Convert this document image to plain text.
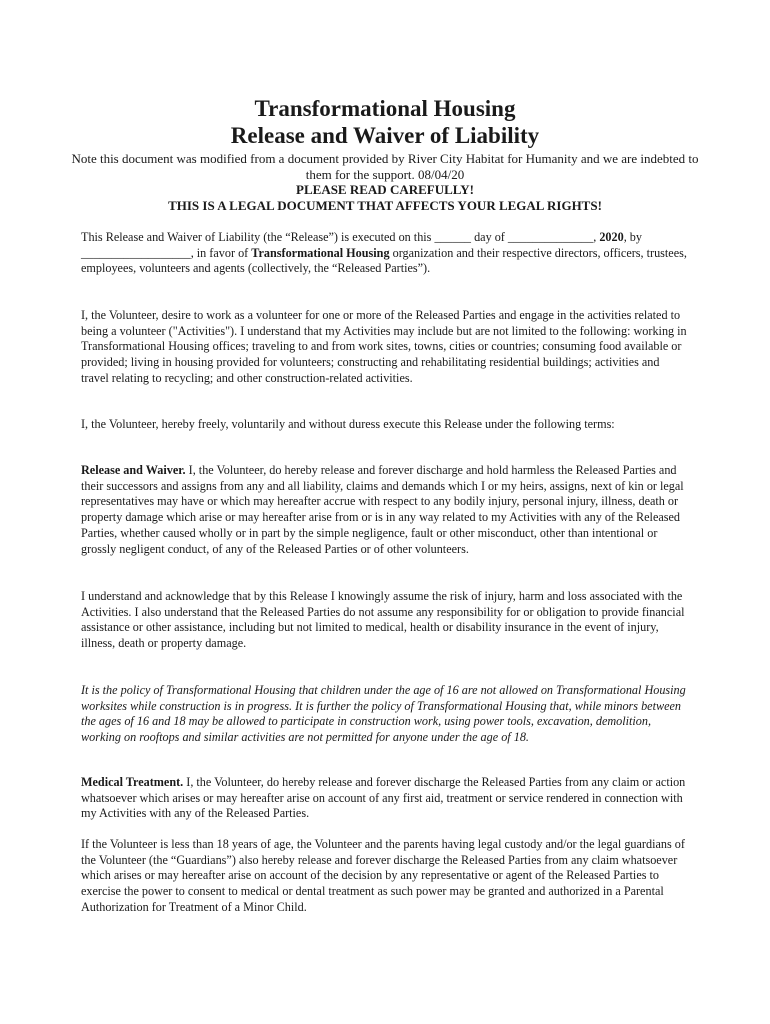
Transformational Housing
Release and Waiver of Liability

Note this document was modified from a document provided by River City Habitat for Humanity and we are indebted to them for the support. 08/04/20

PLEASE READ CAREFULLY!

THIS IS A LEGAL DOCUMENT THAT AFFECTS YOUR LEGAL RIGHTS!

This Release and Waiver of Liability (the “Release”) is executed on this ______ day of ______________, 2020, by __________________, in favor of Transformational Housing organization and their respective directors, officers, trustees, employees, volunteers and agents (collectively, the “Released Parties”).

I, the Volunteer, desire to work as a volunteer for one or more of the Released Parties and engage in the activities related to being a volunteer ("Activities"). I understand that my Activities may include but are not limited to the following: working in Transformational Housing offices; traveling to and from work sites, towns, cities or countries; consuming food available or provided; living in housing provided for volunteers; constructing and rehabilitating residential buildings; activities and travel relating to recycling; and other construction-related activities.

I, the Volunteer, hereby freely, voluntarily and without duress execute this Release under the following terms:

Release and Waiver. I, the Volunteer, do hereby release and forever discharge and hold harmless the Released Parties and their successors and assigns from any and all liability, claims and demands which I or my heirs, assigns, next of kin or legal representatives may have or which may hereafter accrue with respect to any bodily injury, personal injury, illness, death or property damage which arise or may hereafter arise from or is in any way related to my Activities with any of the Released Parties, whether caused wholly or in part by the simple negligence, fault or other misconduct, other than intentional or grossly negligent conduct, of any of the Released Parties or of other volunteers.

I understand and acknowledge that by this Release I knowingly assume the risk of injury, harm and loss associated with the Activities. I also understand that the Released Parties do not assume any responsibility for or obligation to provide financial assistance or other assistance, including but not limited to medical, health or disability insurance in the event of injury, illness, death or property damage.

It is the policy of Transformational Housing that children under the age of 16 are not allowed on Transformational Housing worksites while construction is in progress. It is further the policy of Transformational Housing that, while minors between the ages of 16 and 18 may be allowed to participate in construction work, using power tools, excavation, demolition, working on rooftops and similar activities are not permitted for anyone under the age of 18.

Medical Treatment. I, the Volunteer, do hereby release and forever discharge the Released Parties from any claim or action whatsoever which arises or may hereafter arise on account of any first aid, treatment or service rendered in connection with my Activities with any of the Released Parties.

If the Volunteer is less than 18 years of age, the Volunteer and the parents having legal custody and/or the legal guardians of the Volunteer (the “Guardians”) also hereby release and forever discharge the Released Parties from any claim whatsoever which arises or may hereafter arise on account of the decision by any representative or agent of the Released Parties to exercise the power to consent to medical or dental treatment as such power may be granted and authorized in a Parental Authorization for Treatment of a Minor Child.
